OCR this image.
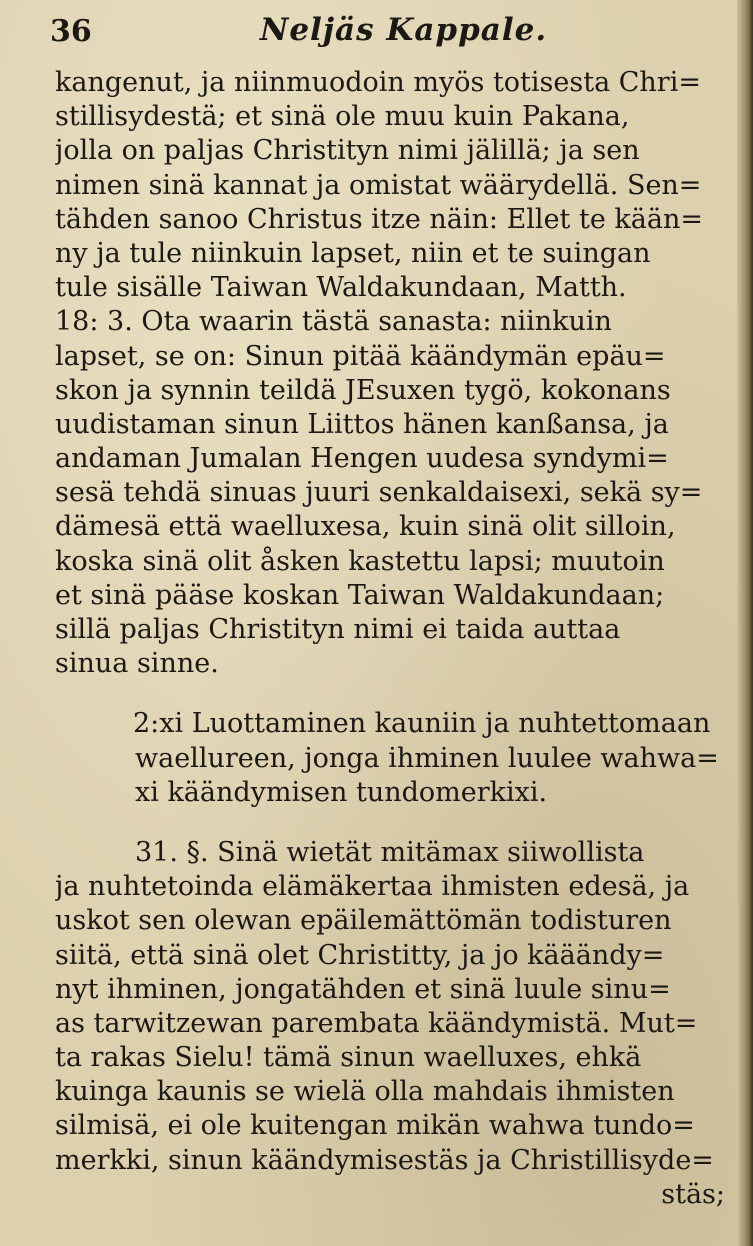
36	Neljäs Kappale.
kangenut, ja niinmuodoin myös totisesta Chri=
stillisydestä; et sinä ole muu kuin Pakana,
jolla on paljas Christityn nimi jälillä; ja sen
nimen sinä kannat ja omistat wäärydellä. Sen=
tähden sanoo Christus itze näin: Ellet te kään=
ny ja tule niinkuin lapset, niin et te suingan
tule sisälle Taiwan Waldakundaan, Matth.
18: 3. Ota waarin tästä sanasta: niinkuin
lapset, se on: Sinun pitää käändymän epäu=
skon ja synnin teildä JEsuxen tygö, kokonans
uudistaman sinun Liittos hänen kanßansa, ja
andaman Jumalan Hengen uudesa syndymi=
sesä tehdä sinuas juuri senkaldaisexi, sekä sy=
dämesä että waelluxesa, kuin sinä olit silloin,
koska sinä olit åsken kastettu lapsi; muutoin
et sinä pääse koskan Taiwan Waldakundaan;
sillä paljas Christityn nimi ei taida auttaa
sinua sinne.
2:xi Luottaminen kauniin ja nuhtettomaan
waellureen, jonga ihminen luulee wahwa=
xi käändymisen tundomerkixi.
31. §. Sinä wietät mitämax siiwollista
ja nuhtetoinda elämäkertaa ihmisten edesä, ja
uskot sen olewan epäilemättömän todisturen
siitä, että sinä olet Christitty, ja jo kääändy=
nyt ihminen, jongatähden et sinä luule sinu=
as tarwitzewan parembata käändymistä. Mut=
ta rakas Sielu! tämä sinun waelluxes, ehkä
kuinga kaunis se wielä olla mahdais ihmisten
silmisä, ei ole kuitengan mikän wahwa tundo=
merkki, sinun käändymisestäs ja Christillisyde=
stäs;
